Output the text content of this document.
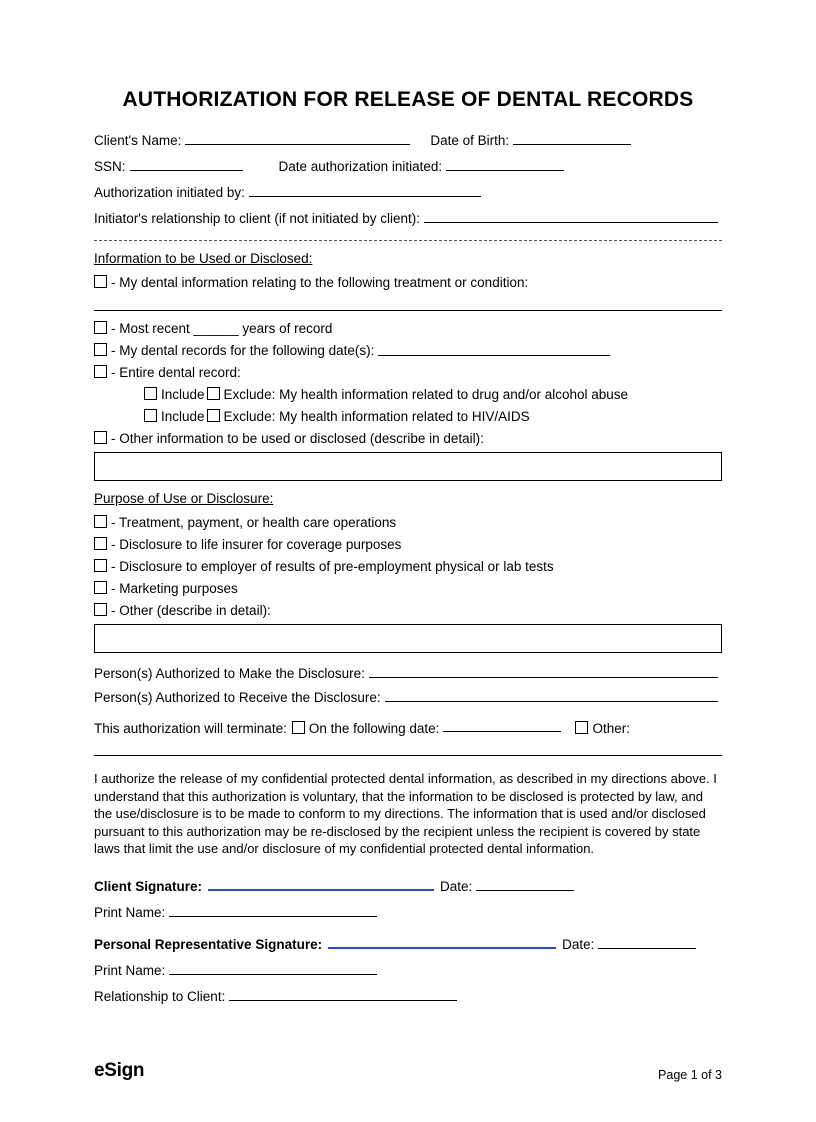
AUTHORIZATION FOR RELEASE OF DENTAL RECORDS
Client's Name:	Date of Birth:
SSN:	Date authorization initiated:
Authorization initiated by:
Initiator's relationship to client (if not initiated by client):
Information to be Used or Disclosed:
- My dental information relating to the following treatment or condition:
- Most recent ______ years of record
- My dental records for the following date(s):
- Entire dental record:
Include Exclude: My health information related to drug and/or alcohol abuse
Include Exclude: My health information related to HIV/AIDS
- Other information to be used or disclosed (describe in detail):
Purpose of Use or Disclosure:
- Treatment, payment, or health care operations
- Disclosure to life insurer for coverage purposes
- Disclosure to employer of results of pre-employment physical or lab tests
- Marketing purposes
- Other (describe in detail):
Person(s) Authorized to Make the Disclosure:
Person(s) Authorized to Receive the Disclosure:
This authorization will terminate: On the following date:	Other:
I authorize the release of my confidential protected dental information, as described in my directions above. I understand that this authorization is voluntary, that the information to be disclosed is protected by law, and the use/disclosure is to be made to conform to my directions. The information that is used and/or disclosed pursuant to this authorization may be re-disclosed by the recipient unless the recipient is covered by state laws that limit the use and/or disclosure of my confidential protected dental information.
Client Signature:	Date:
Print Name:
Personal Representative Signature:	Date:
Print Name:
Relationship to Client:
eSign	Page 1 of 3
